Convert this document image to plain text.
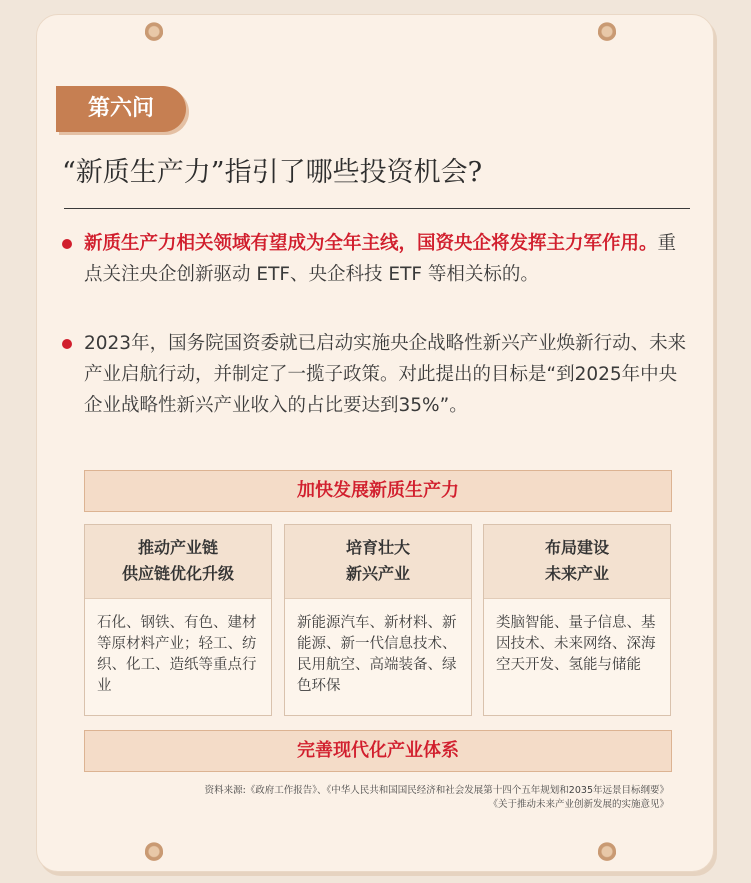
第六问
“新质生产力”指引了哪些投资机会?
新质生产力相关领域有望成为全年主线，国资央企将发挥主力军作用。重点关注央企创新驱动 ETF、央企科技 ETF 等相关标的。
2023年，国务院国资委就已启动实施央企战略性新兴产业焕新行动、未来产业启航行动，并制定了一揽子政策。对此提出的目标是“到2025年中央企业战略性新兴产业收入的占比要达到35%”。
加快发展新质生产力
推动产业链
供应链优化升级
石化、钢铁、有色、建材等原材料产业；轻工、纺织、化工、造纸等重点行业
培育壮大
新兴产业
新能源汽车、新材料、新能源、新一代信息技术、民用航空、高端装备、绿色环保
布局建设
未来产业
类脑智能、量子信息、基因技术、未来网络、深海空天开发、氢能与储能
完善现代化产业体系
资料来源:《政府工作报告》、《中华人民共和国国民经济和社会发展第十四个五年规划和2035年远景目标纲要》
《关于推动未来产业创新发展的实施意见》
